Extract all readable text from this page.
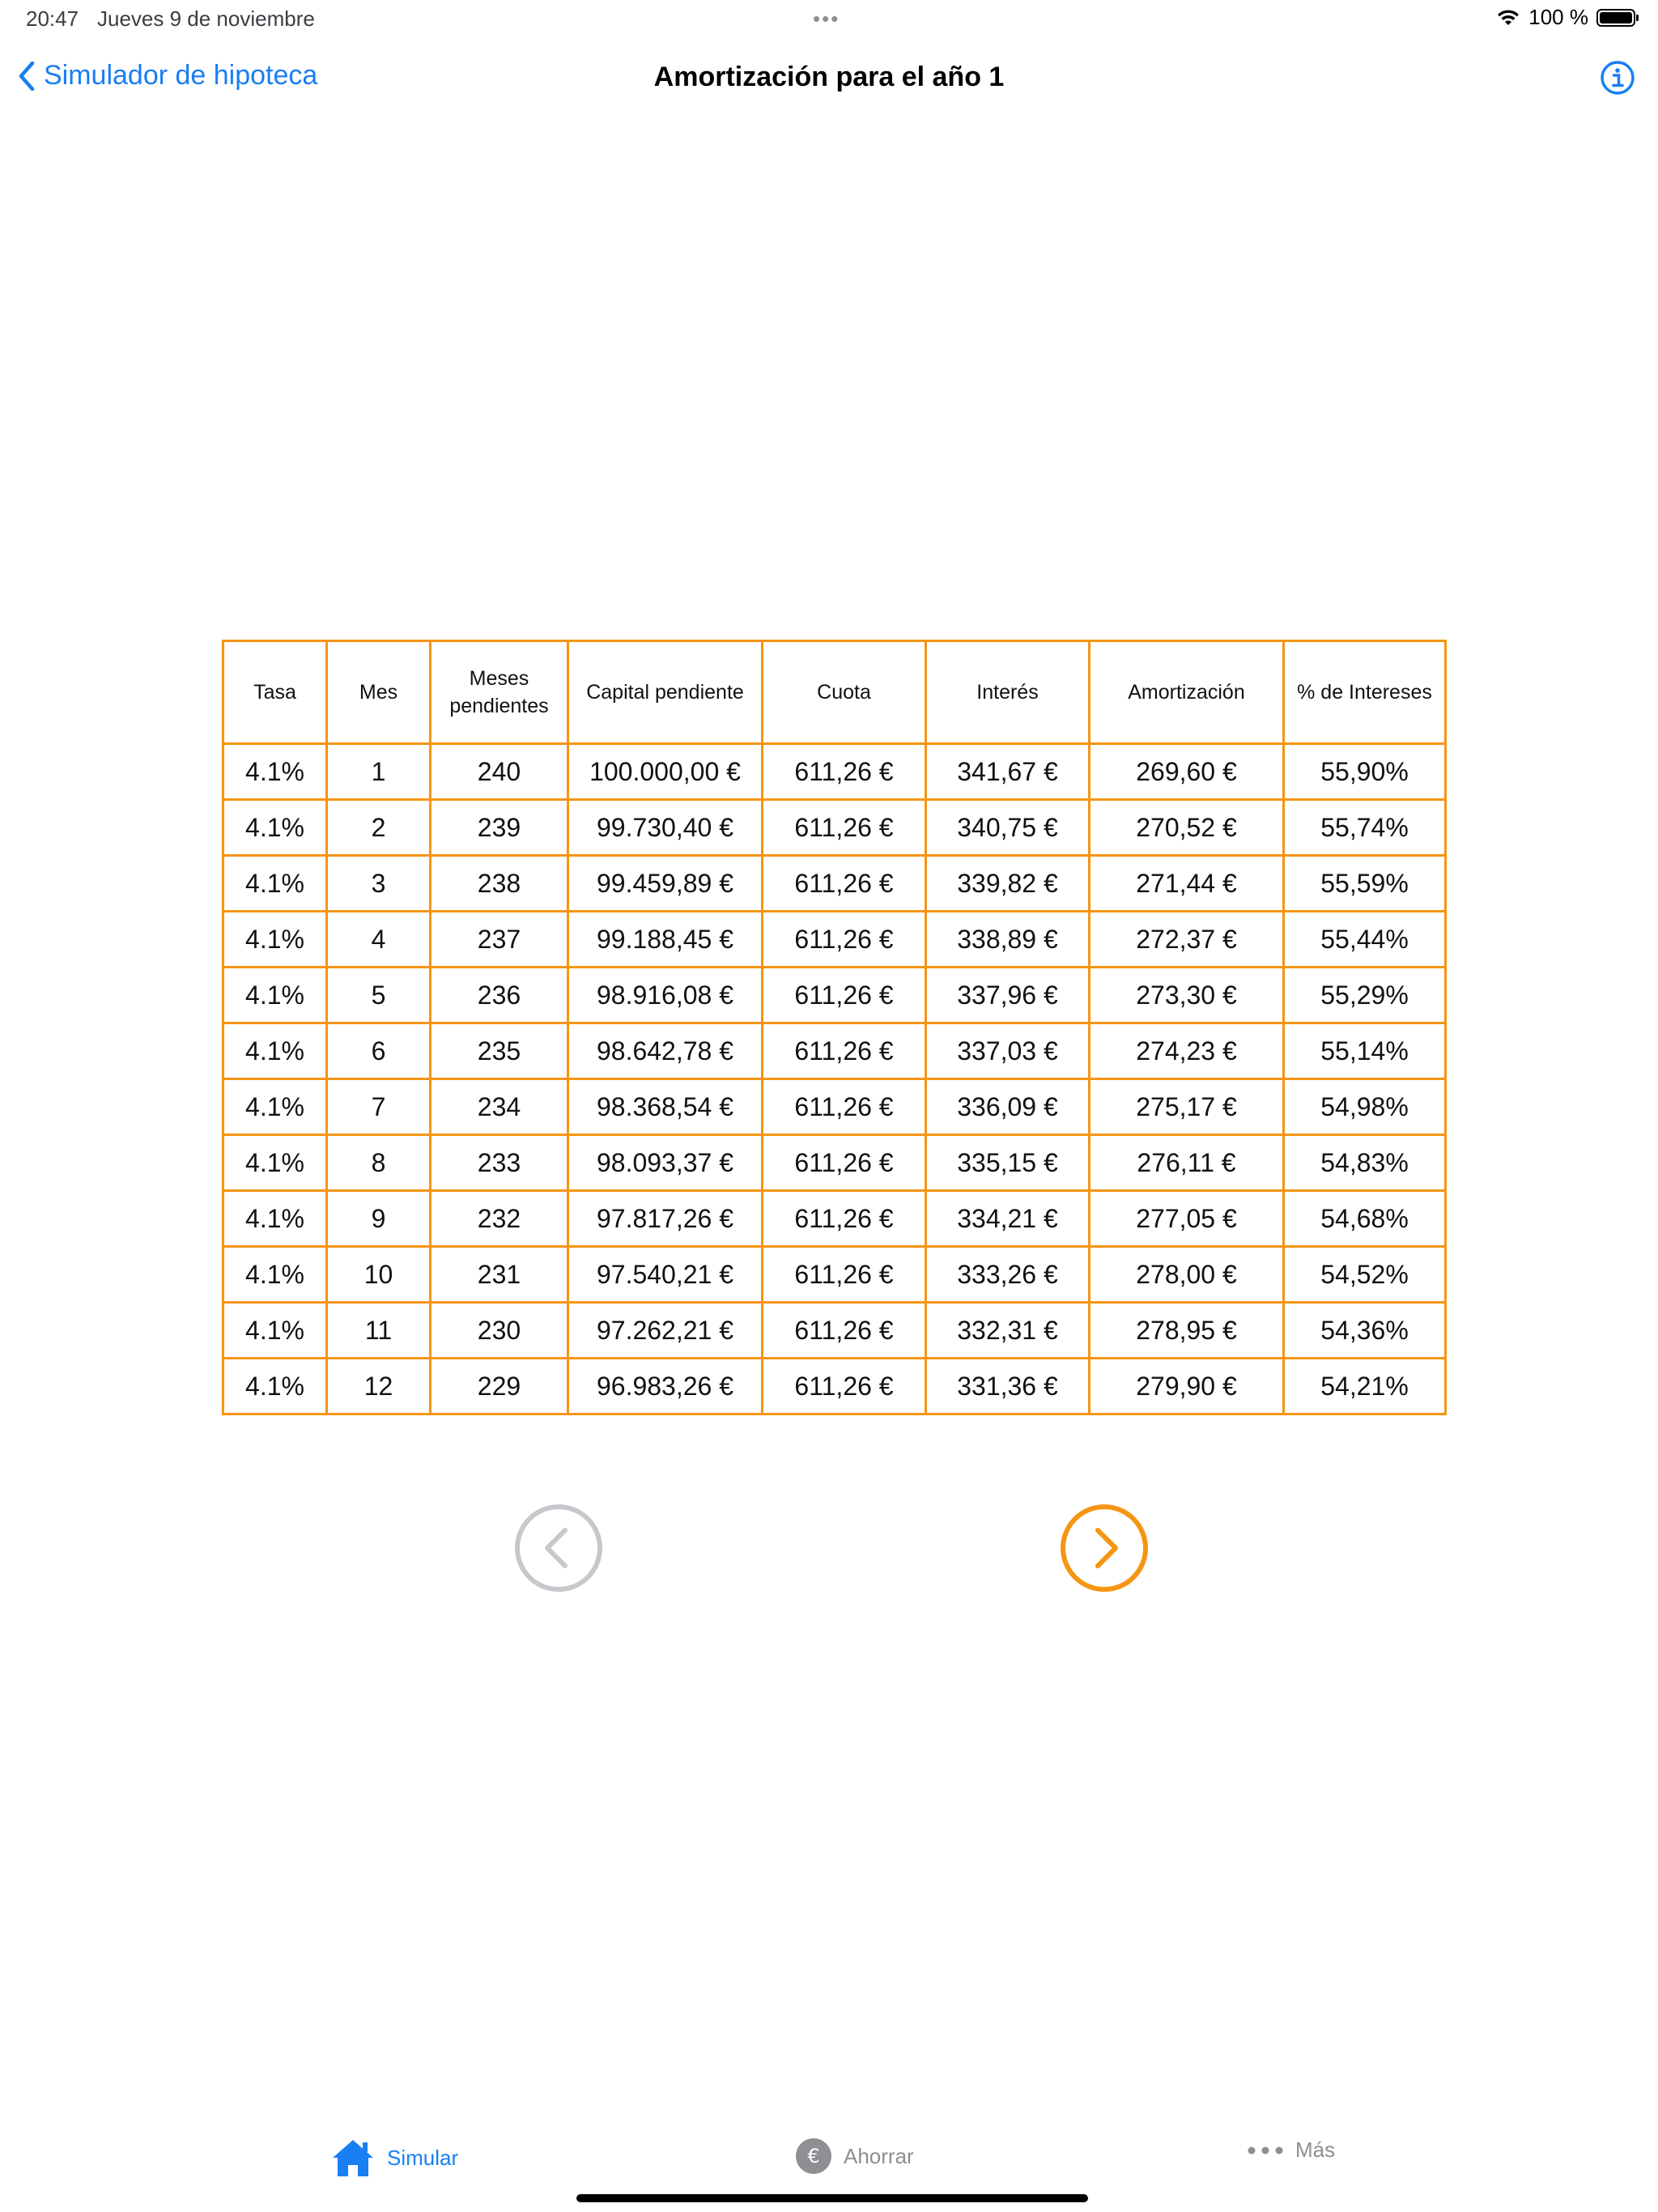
20:47 Jueves 9 de noviembre	•••	100 %
Simulador de hipoteca	Amortización para el año 1
Tasa	Mes	Meses pendientes	Capital pendiente	Cuota	Interés	Amortización	% de Intereses
4.1%	1	240	100.000,00 €	611,26 €	341,67 €	269,60 €	55,90%
4.1%	2	239	99.730,40 €	611,26 €	340,75 €	270,52 €	55,74%
4.1%	3	238	99.459,89 €	611,26 €	339,82 €	271,44 €	55,59%
4.1%	4	237	99.188,45 €	611,26 €	338,89 €	272,37 €	55,44%
4.1%	5	236	98.916,08 €	611,26 €	337,96 €	273,30 €	55,29%
4.1%	6	235	98.642,78 €	611,26 €	337,03 €	274,23 €	55,14%
4.1%	7	234	98.368,54 €	611,26 €	336,09 €	275,17 €	54,98%
4.1%	8	233	98.093,37 €	611,26 €	335,15 €	276,11 €	54,83%
4.1%	9	232	97.817,26 €	611,26 €	334,21 €	277,05 €	54,68%
4.1%	10	231	97.540,21 €	611,26 €	333,26 €	278,00 €	54,52%
4.1%	11	230	97.262,21 €	611,26 €	332,31 €	278,95 €	54,36%
4.1%	12	229	96.983,26 €	611,26 €	331,36 €	279,90 €	54,21%
Simular	€ Ahorrar	Más
